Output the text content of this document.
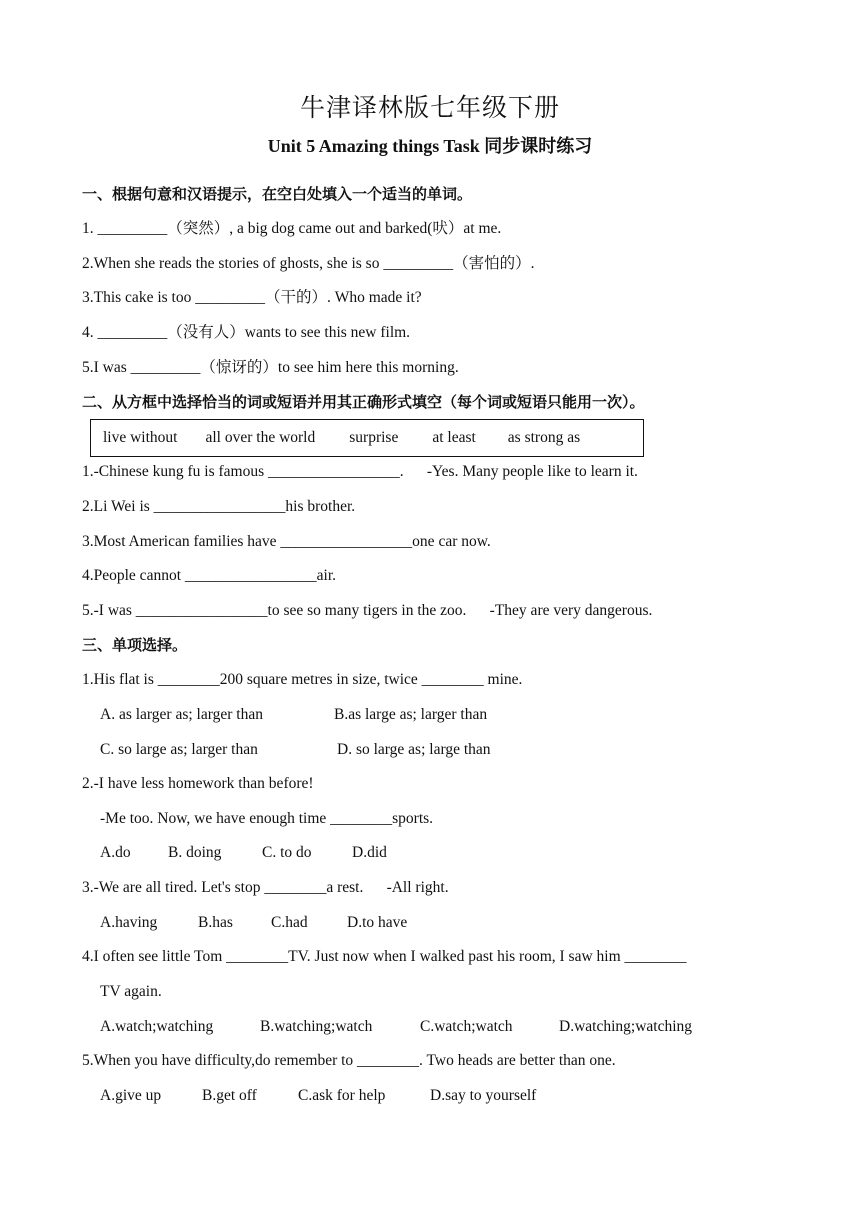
牛津译林版七年级下册
Unit 5 Amazing things Task 同步课时练习
一、根据句意和汉语提示，在空白处填入一个适当的单词。
1. _________（突然）, a big dog came out and barked(吠）at me.
2.When she reads the stories of ghosts, she is so _________（害怕的）.
3.This cake is too _________（干的）. Who made it?
4. _________（没有人）wants to see this new film.
5.I was _________（惊讶的）to see him here this morning.
二、从方框中选择恰当的词或短语并用其正确形式填空（每个词或短语只能用一次）。
live without all over the world surprise at least as strong as
1.-Chinese kung fu is famous _________________.      -Yes. Many people like to learn it.
2.Li Wei is _________________his brother.
3.Most American families have _________________one car now.
4.People cannot _________________air.
5.-I was _________________to see so many tigers in the zoo.      -They are very dangerous.
三、单项选择。
1.His flat is ________200 square metres in size, twice ________ mine.
A. as larger as; larger than	B.as large as; larger than
C. so large as; larger than	D. so large as; large than
2.-I have less homework than before!
-Me too. Now, we have enough time ________sports.
A.do B. doing	C. to do	D.did
3.-We are all tired. Let's stop ________a rest.      -All right.
A.having	B.has C.had	D.to have
4.I often see little Tom ________TV. Just now when I walked past his room, I saw him ________
TV again.
A.watch;watching	B.watching;watch	C.watch;watch	D.watching;watching
5.When you have difficulty,do remember to ________. Two heads are better than one.
A.give up	B.get off	C.ask for help	D.say to yourself
